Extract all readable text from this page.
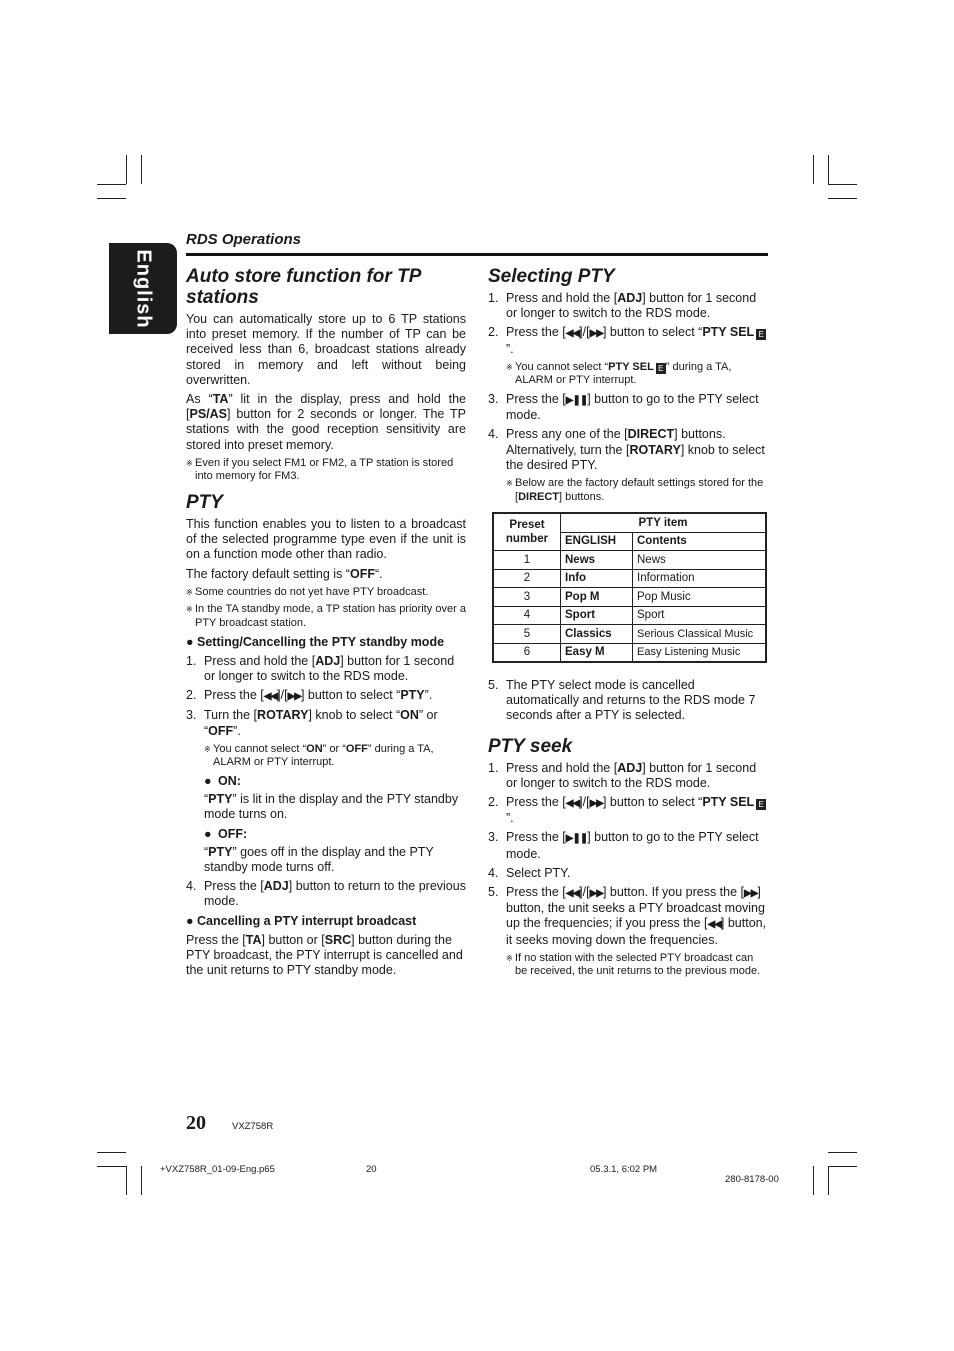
English
RDS Operations
Auto store function for TP stations

You can automatically store up to 6 TP stations into preset memory. If the number of TP can be received less than 6, broadcast stations already stored in memory and left without being overwritten.

As “TA” lit in the display, press and hold the [PS/AS] button for 2 seconds or longer. The TP stations with the good reception sensitivity are stored into preset memory.

※ Even if you select FM1 or FM2, a TP station is stored into memory for FM3.
PTY

This function enables you to listen to a broadcast of the selected programme type even if the unit is on a function mode other than radio.

The factory default setting is “OFF“.

※ Some countries do not yet have PTY broadcast.
※ In the TA standby mode, a TP station has priority over a PTY broadcast station.
● Setting/Cancelling the PTY standby mode
1. Press and hold the [ADJ] button for 1 second or longer to switch to the RDS mode.
2. Press the [◀◀]/[▶▶] button to select “PTY”.
3. Turn the [ROTARY] knob to select “ON” or “OFF”.
※ You cannot select “ON” or “OFF” during a TA, ALARM or PTY interrupt.
● ON:

“PTY” is lit in the display and the PTY standby mode turns on.

● OFF:

“PTY” goes off in the display and the PTY standby mode turns off.

4. Press the [ADJ] button to return to the previous mode.
● Cancelling a PTY interrupt broadcast

Press the [TA] button or [SRC] button during the PTY broadcast, the PTY interrupt is cancelled and the unit returns to PTY standby mode.

Selecting PTY
1. Press and hold the [ADJ] button for 1 second or longer to switch to the RDS mode.
2. Press the [◀◀]/[▶▶] button to select “PTY SEL E”.
※ You cannot select “PTY SEL E ” during a TA, ALARM or PTY interrupt.
3. Press the [▶❚❚] button to go to the PTY select mode.
4. Press any one of the [DIRECT] buttons. Alternatively, turn the [ROTARY] knob to select the desired PTY.
※ Below are the factory default settings stored for the [DIRECT] buttons.
Preset number	PTY item	
	ENGLISH	Contents
1	News	News
2	Info	Information
3	Pop M	Pop Music
4	Sport	Sport
5	Classics	Serious Classical Music
6	Easy M	Easy Listening Music
5. The PTY select mode is cancelled automatically and returns to the RDS mode 7 seconds after a PTY is selected.
PTY seek
1. Press and hold the [ADJ] button for 1 second or longer to switch to the RDS mode.
2. Press the [◀◀]/[▶▶] button to select “PTY SEL E”.
3. Press the [▶❚❚] button to go to the PTY select mode.
4. Select PTY.
5. Press the [◀◀]/[▶▶] button. If you press the [▶▶] button, the unit seeks a PTY broadcast moving up the frequencies; if you press the [◀◀] button, it seeks moving down the frequencies.
※ If no station with the selected PTY broadcast can be received, the unit returns to the previous mode.
20	VXZ758R
+VXZ758R_01-09-Eng.p65	20	05.3.1, 6:02 PM
280-8178-00
